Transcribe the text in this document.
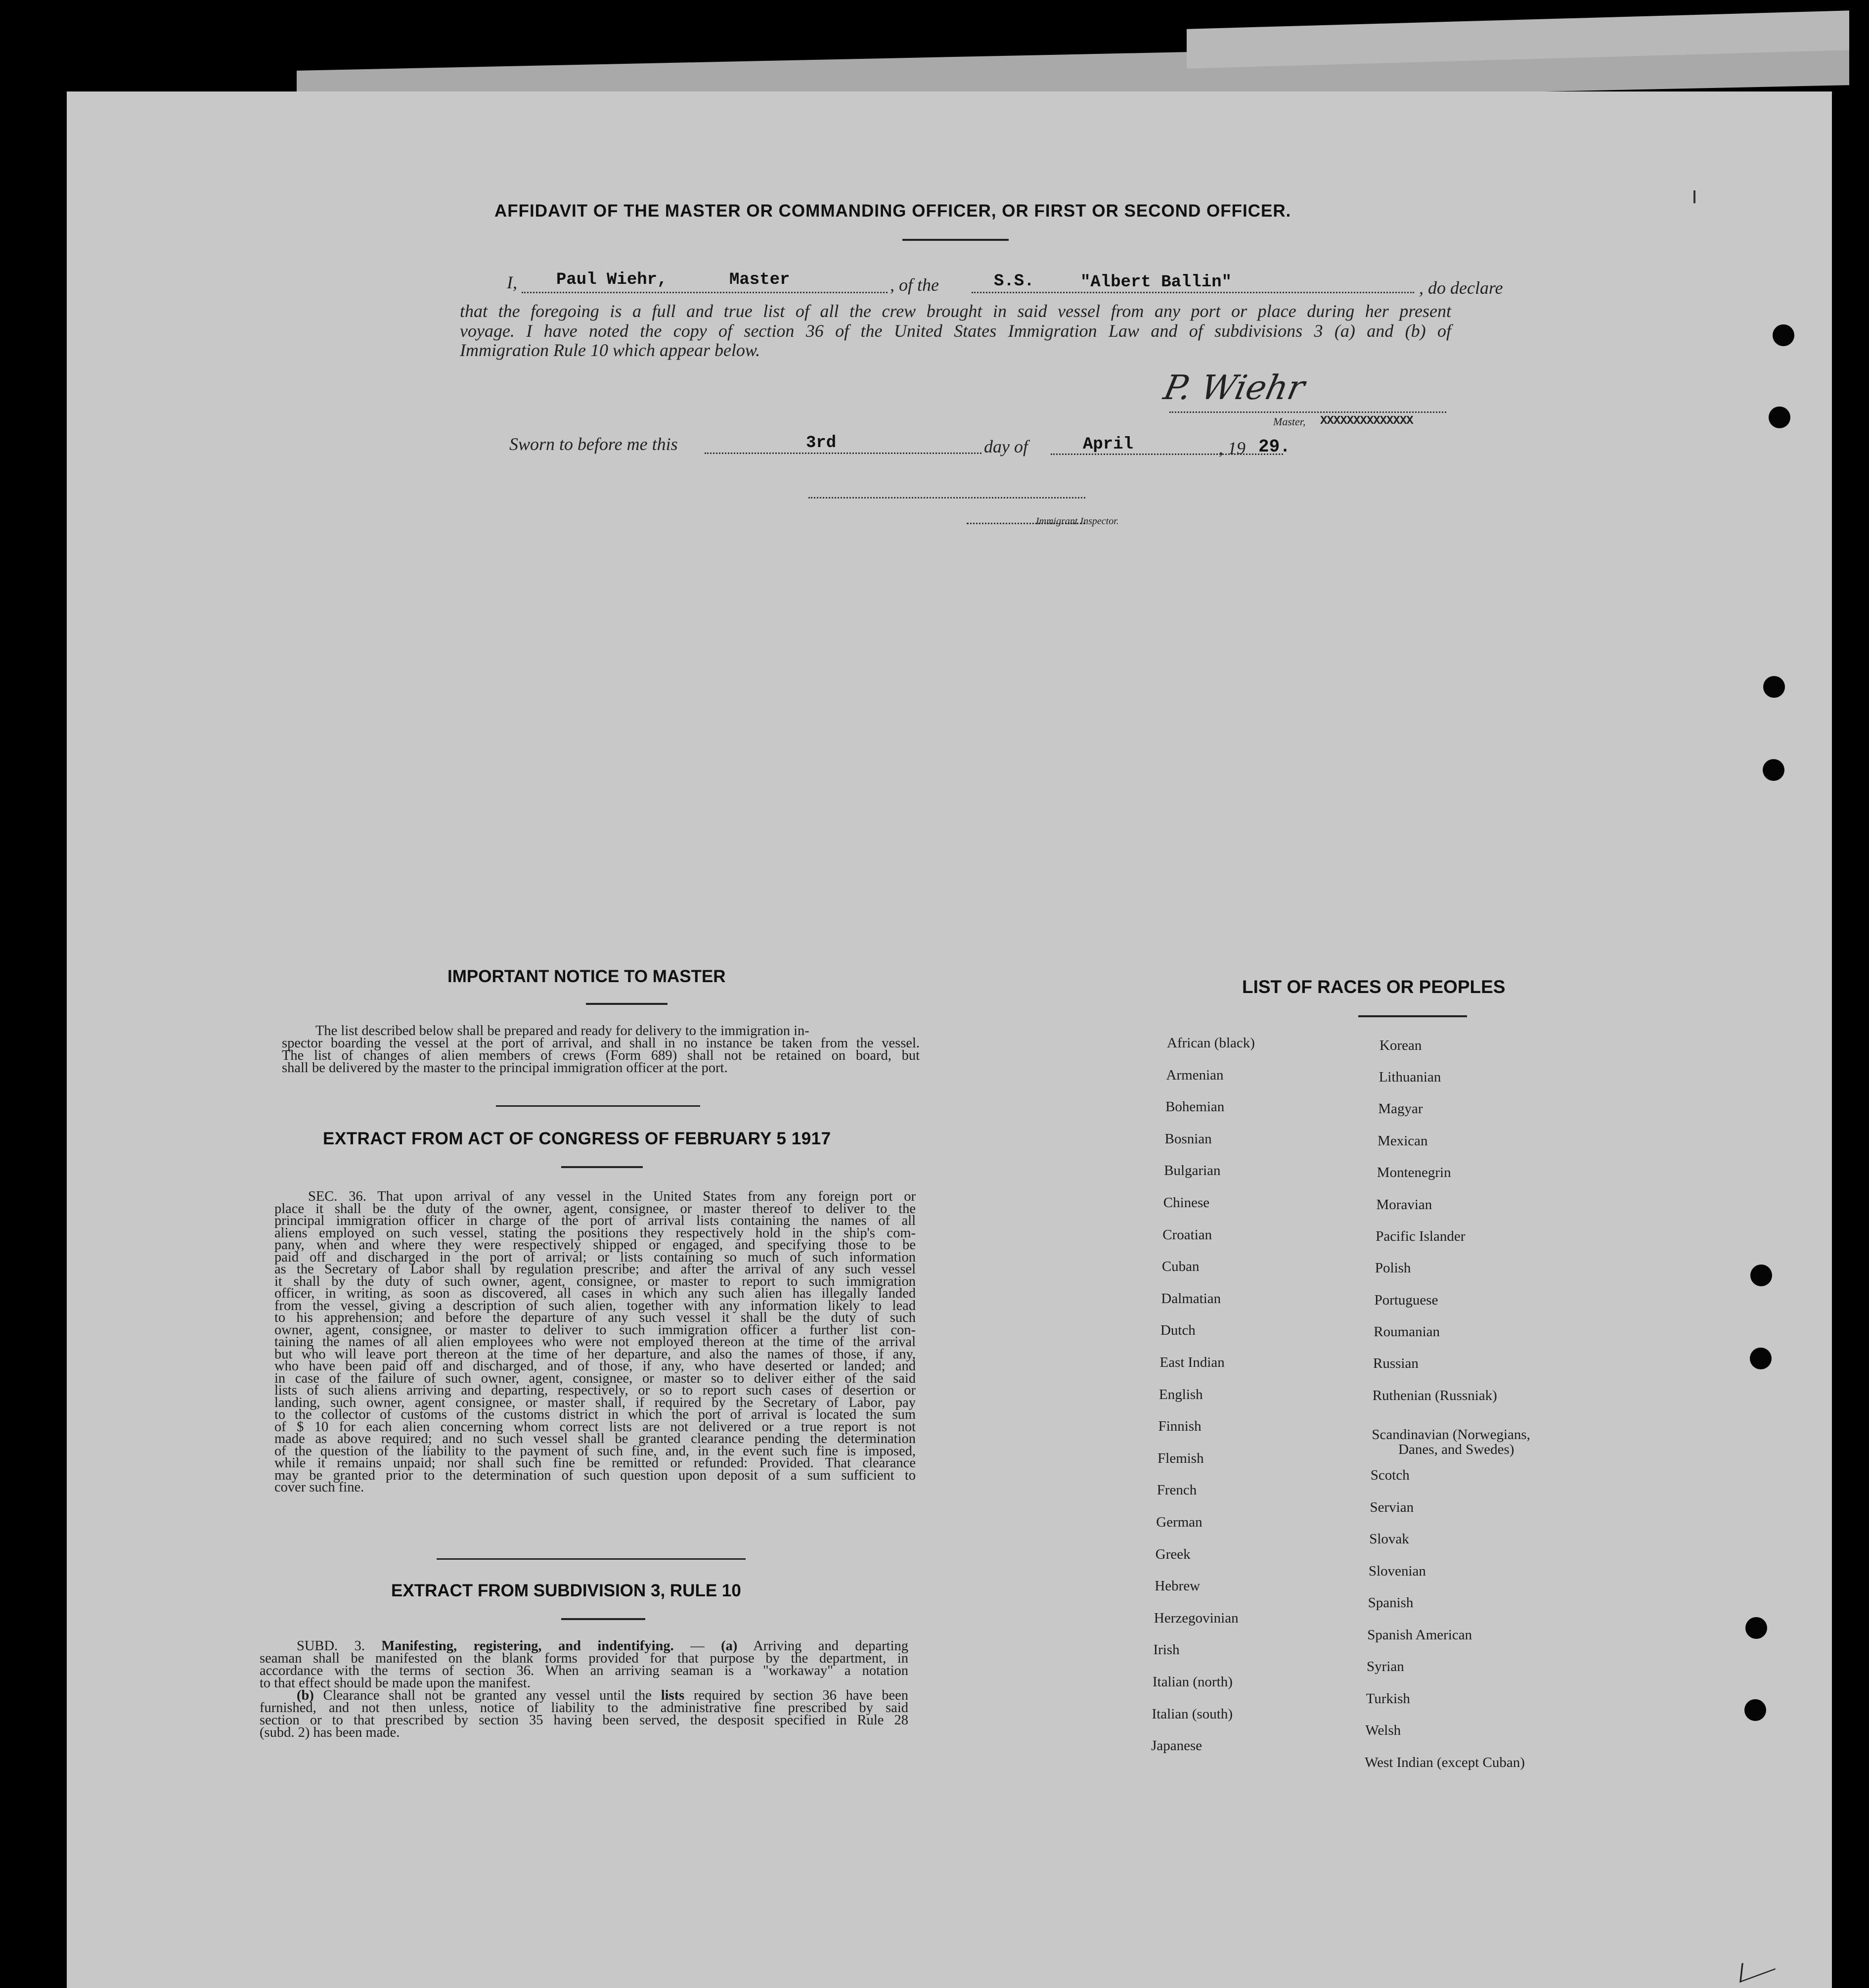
AFFIDAVIT OF THE MASTER OR COMMANDING OFFICER, OR FIRST OR SECOND OFFICER.
I, Paul Wiehr,	Master	, of the	S.S.	"Albert Ballin"	, do declare
that the foregoing is a full and true list of all the crew brought in said vessel from any port or place during her present
voyage. I have noted the copy of section 36 of the United States Immigration Law and of subdivisions 3 (a) and (b) of
Immigration Rule 10 which appear below.
P. Wiehr
Master, XXXXXXXXXXXXXX
Sworn to before me this	3rd	day of	April	, 19 29.
Immigrant Inspector.
IMPORTANT NOTICE TO MASTER
The list described below shall be prepared and ready for delivery to the immigration in-
spector boarding the vessel at the port of arrival, and shall in no instance be taken from the vessel.
The list of changes of alien members of crews (Form 689) shall not be retained on board, but
shall be delivered by the master to the principal immigration officer at the port.
EXTRACT FROM ACT OF CONGRESS OF FEBRUARY 5 1917
SEC. 36. That upon arrival of any vessel in the United States from any foreign port or
place it shall be the duty of the owner, agent, consignee, or master thereof to deliver to the
principal immigration officer in charge of the port of arrival lists containing the names of all
aliens employed on such vessel, stating the positions they respectively hold in the ship's com-
pany, when and where they were respectively shipped or engaged, and specifying those to be
paid off and discharged in the port of arrival; or lists containing so much of such information
as the Secretary of Labor shall by regulation prescribe; and after the arrival of any such vessel
it shall by the duty of such owner, agent, consignee, or master to report to such immigration
officer, in writing, as soon as discovered, all cases in which any such alien has illegally landed
from the vessel, giving a description of such alien, together with any information likely to lead
to his apprehension; and before the departure of any such vessel it shall be the duty of such
owner, agent, consignee, or master to deliver to such immigration officer a further list con-
taining the names of all alien employees who were not employed thereon at the time of the arrival
but who will leave port thereon at the time of her departure, and also the names of those, if any,
who have been paid off and discharged, and of those, if any, who have deserted or landed; and
in case of the failure of such owner, agent, consignee, or master so to deliver either of the said
lists of such aliens arriving and departing, respectively, or so to report such cases of desertion or
landing, such owner, agent consignee, or master shall, if required by the Secretary of Labor, pay
to the collector of customs of the customs district in which the port of arrival is located the sum
of $ 10 for each alien concerning whom correct lists are not delivered or a true report is not
made as above required; and no such vessel shall be granted clearance pending the determination
of the question of the liability to the payment of such fine, and, in the event such fine is imposed,
while it remains unpaid; nor shall such fine be remitted or refunded: Provided. That clearance
may be granted prior to the determination of such question upon deposit of a sum sufficient to
cover such fine.
EXTRACT FROM SUBDIVISION 3, RULE 10
SUBD. 3. Manifesting, registering, and indentifying. — (a) Arriving and departing
seaman shall be manifested on the blank forms provided for that purpose by the department, in
accordance with the terms of section 36. When an arriving seaman is a "workaway" a notation
to that effect should be made upon the manifest.
(b) Clearance shall not be granted any vessel until the lists required by section 36 have been
furnished, and not then unless, notice of liability to the administrative fine prescribed by said
section or to that prescribed by section 35 having been served, the desposit specified in Rule 28
(subd. 2) has been made.
LIST OF RACES OR PEOPLES
African (black)
Armenian
Bohemian
Bosnian
Bulgarian
Chinese
Croatian
Cuban
Dalmatian
Dutch
East Indian
English
Finnish
Flemish
French
German
Greek
Hebrew
Herzegovinian
Irish
Italian (north)
Italian (south)
Japanese
Korean
Lithuanian
Magyar
Mexican
Montenegrin
Moravian
Pacific Islander
Polish
Portuguese
Roumanian
Russian
Ruthenian (Russniak)
Scandinavian (Norwegians,
Danes, and Swedes)
Scotch
Servian
Slovak
Slovenian
Spanish
Spanish American
Syrian
Turkish
Welsh
West Indian (except Cuban)
